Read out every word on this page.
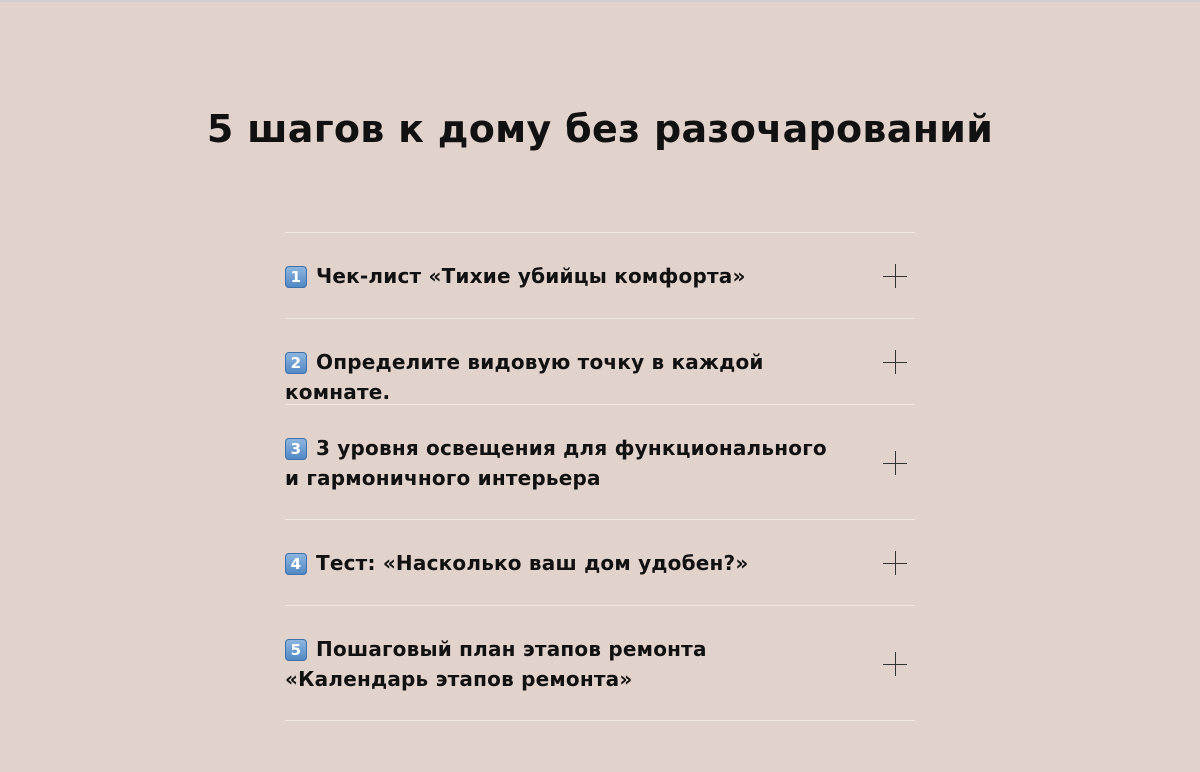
5 шагов к дому без разочарований
1 Чек-лист «Тихие убийцы комфорта»
2 Определите видовую точку в каждой комнате.
3 3 уровня освещения для функционального и гармоничного интерьера
4 Тест: «Насколько ваш дом удобен?»
5 Пошаговый план этапов ремонта «Календарь этапов ремонта»
